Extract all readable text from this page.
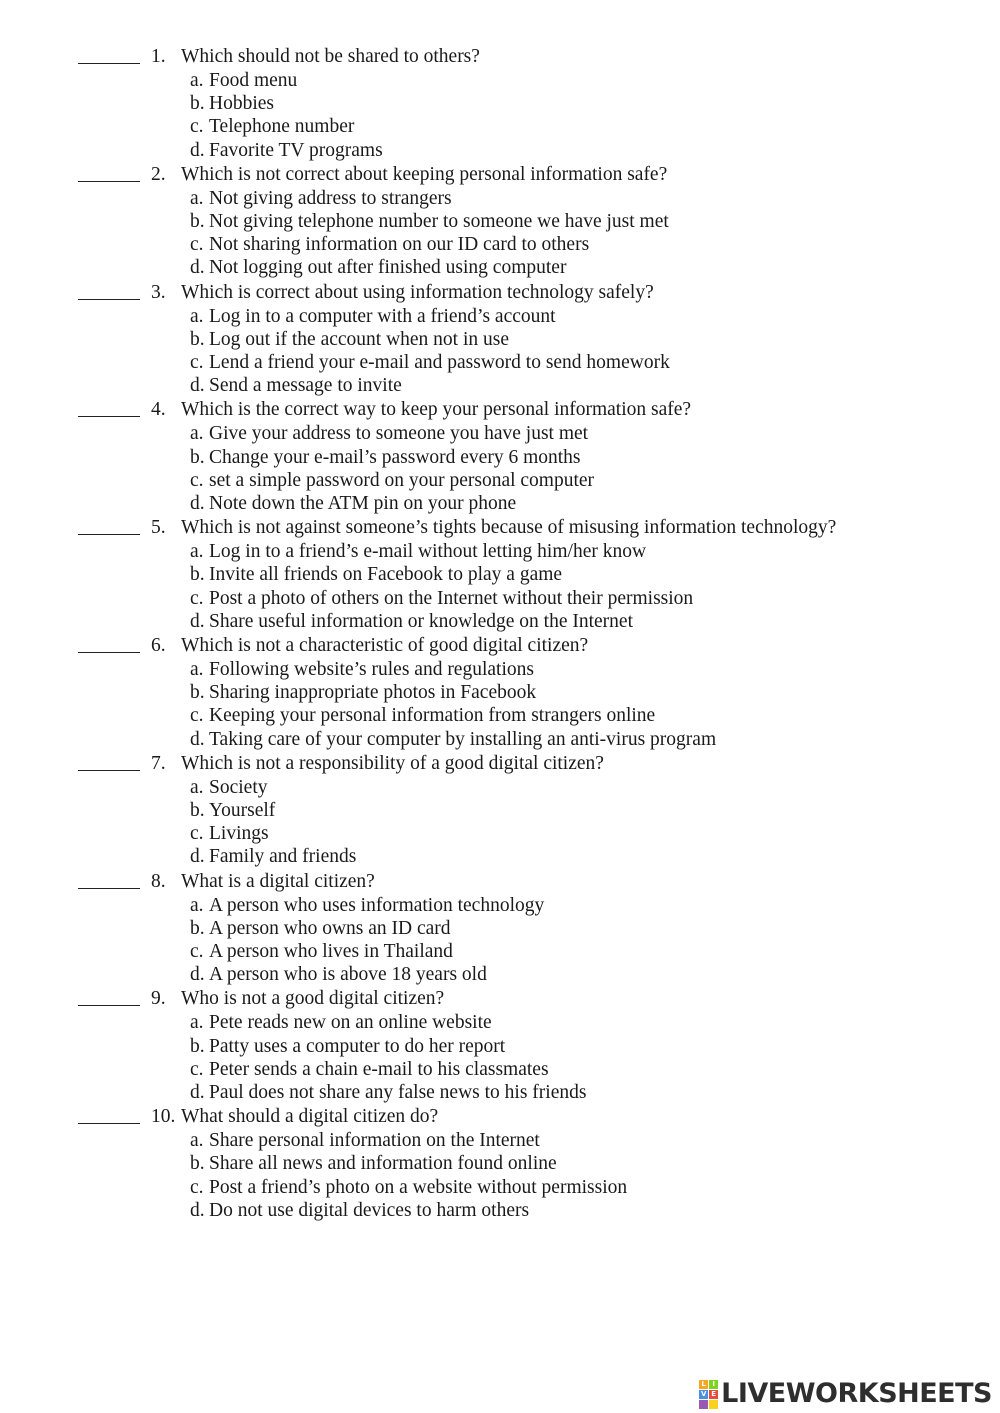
1. Which should not be shared to others?
a. Food menu
b. Hobbies
c. Telephone number
d. Favorite TV programs
2. Which is not correct about keeping personal information safe?
a. Not giving address to strangers
b. Not giving telephone number to someone we have just met
c. Not sharing information on our ID card to others
d. Not logging out after finished using computer
3. Which is correct about using information technology safely?
a. Log in to a computer with a friend’s account
b. Log out if the account when not in use
c. Lend a friend your e-mail and password to send homework
d. Send a message to invite
4. Which is the correct way to keep your personal information safe?
a. Give your address to someone you have just met
b. Change your e-mail’s password every 6 months
c. set a simple password on your personal computer
d. Note down the ATM pin on your phone
5. Which is not against someone’s tights because of misusing information technology?
a. Log in to a friend’s e-mail without letting him/her know
b. Invite all friends on Facebook to play a game
c. Post a photo of others on the Internet without their permission
d. Share useful information or knowledge on the Internet
6. Which is not a characteristic of good digital citizen?
a. Following website’s rules and regulations
b. Sharing inappropriate photos in Facebook
c. Keeping your personal information from strangers online
d. Taking care of your computer by installing an anti-virus program
7. Which is not a responsibility of a good digital citizen?
a. Society
b. Yourself
c. Livings
d. Family and friends
8. What is a digital citizen?
a. A person who uses information technology
b. A person who owns an ID card
c. A person who lives in Thailand
d. A person who is above 18 years old
9. Who is not a good digital citizen?
a. Pete reads new on an online website
b. Patty uses a computer to do her report
c. Peter sends a chain e-mail to his classmates
d. Paul does not share any false news to his friends
10. What should a digital citizen do?
a. Share personal information on the Internet
b. Share all news and information found online
c. Post a friend’s photo on a website without permission
d. Do not use digital devices to harm others
L I
V E LIVEWORKSHEETS
